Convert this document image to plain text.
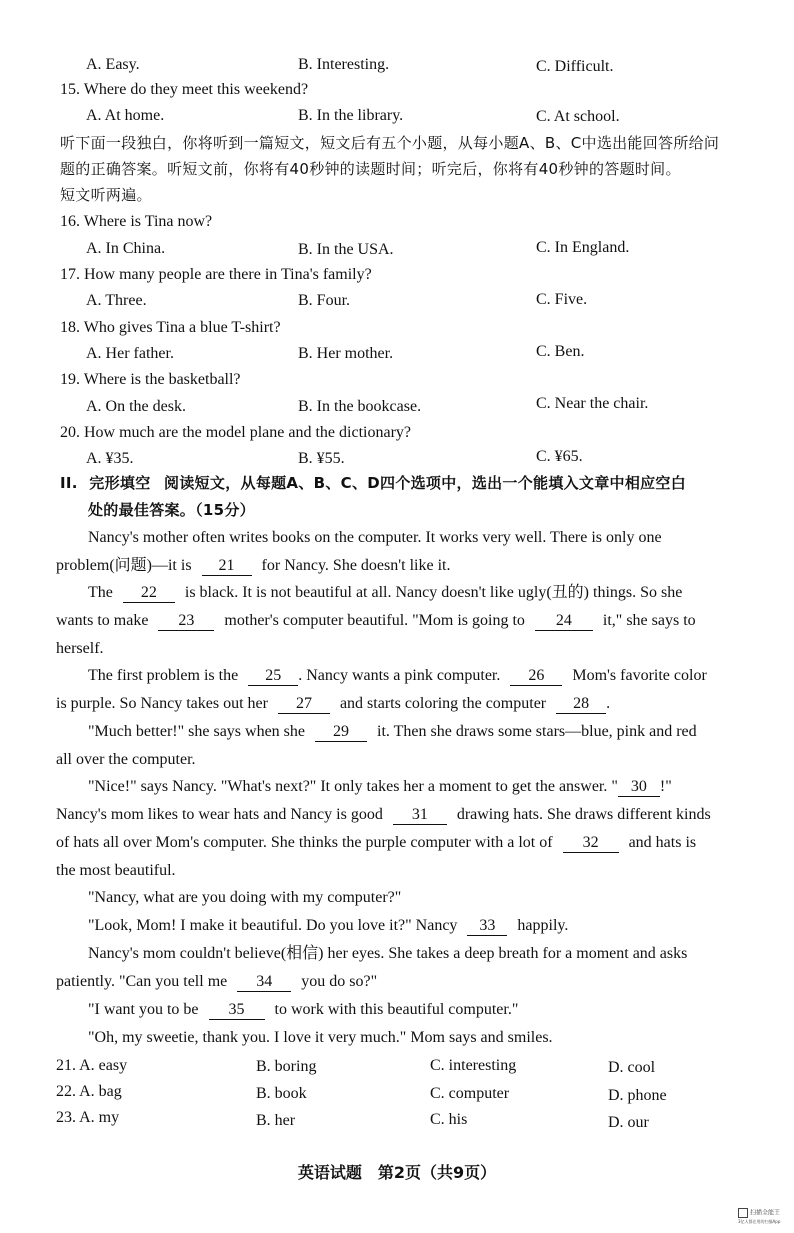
A. Easy.	B. Interesting.	C. Difficult.
15. Where do they meet this weekend?
A. At home.	B. In the library.	C. At school.
听下面一段独白，你将听到一篇短文，短文后有五个小题，从每小题A、B、C中选出能回答所给问
题的正确答案。听短文前，你将有40秒钟的读题时间；听完后，你将有40秒钟的答题时间。
短文听两遍。
16. Where is Tina now?
A. In China.	B. In the USA.	C. In England.
17. How many people are there in Tina's family?
A. Three.	B. Four.	C. Five.
18. Who gives Tina a blue T-shirt?
A. Her father.	B. Her mother.	C. Ben.
19. Where is the basketball?
A. On the desk.	B. In the bookcase.	C. Near the chair.
20. How much are the model plane and the dictionary?
A. ¥35.	B. ¥55.	C. ¥65.
II. 完形填空 阅读短文，从每题A、B、C、D四个选项中，选出一个能填入文章中相应空白
处的最佳答案。（15分）
Nancy's mother often writes books on the computer. It works very well. There is only one
problem(问题)—it is 21 for Nancy. She doesn't like it.
The 22 is black. It is not beautiful at all. Nancy doesn't like ugly(丑的) things. So she
wants to make 23 mother's computer beautiful. "Mom is going to 24 it," she says to
herself.
The first problem is the 25 . Nancy wants a pink computer. 26 Mom's favorite color
is purple. So Nancy takes out her 27 and starts coloring the computer 28 .
"Much better!" she says when she 29 it. Then she draws some stars—blue, pink and red
all over the computer.
"Nice!" says Nancy. "What's next?" It only takes her a moment to get the answer. " 30 !"
Nancy's mom likes to wear hats and Nancy is good 31 drawing hats. She draws different kinds
of hats all over Mom's computer. She thinks the purple computer with a lot of 32 and hats is
the most beautiful.
"Nancy, what are you doing with my computer?"
"Look, Mom! I make it beautiful. Do you love it?" Nancy 33 happily.
Nancy's mom couldn't believe(相信) her eyes. She takes a deep breath for a moment and asks
patiently. "Can you tell me 34 you do so?"
"I want you to be 35 to work with this beautiful computer."
"Oh, my sweetie, thank you. I love it very much." Mom says and smiles.
21. A. easy	B. boring	C. interesting	D. cool
22. A. bag	B. book	C. computer	D. phone
23. A. my	B. her	C. his	D. our
英语试题　第2页（共9页）
扫描全能王
3亿人都在用的扫描App
